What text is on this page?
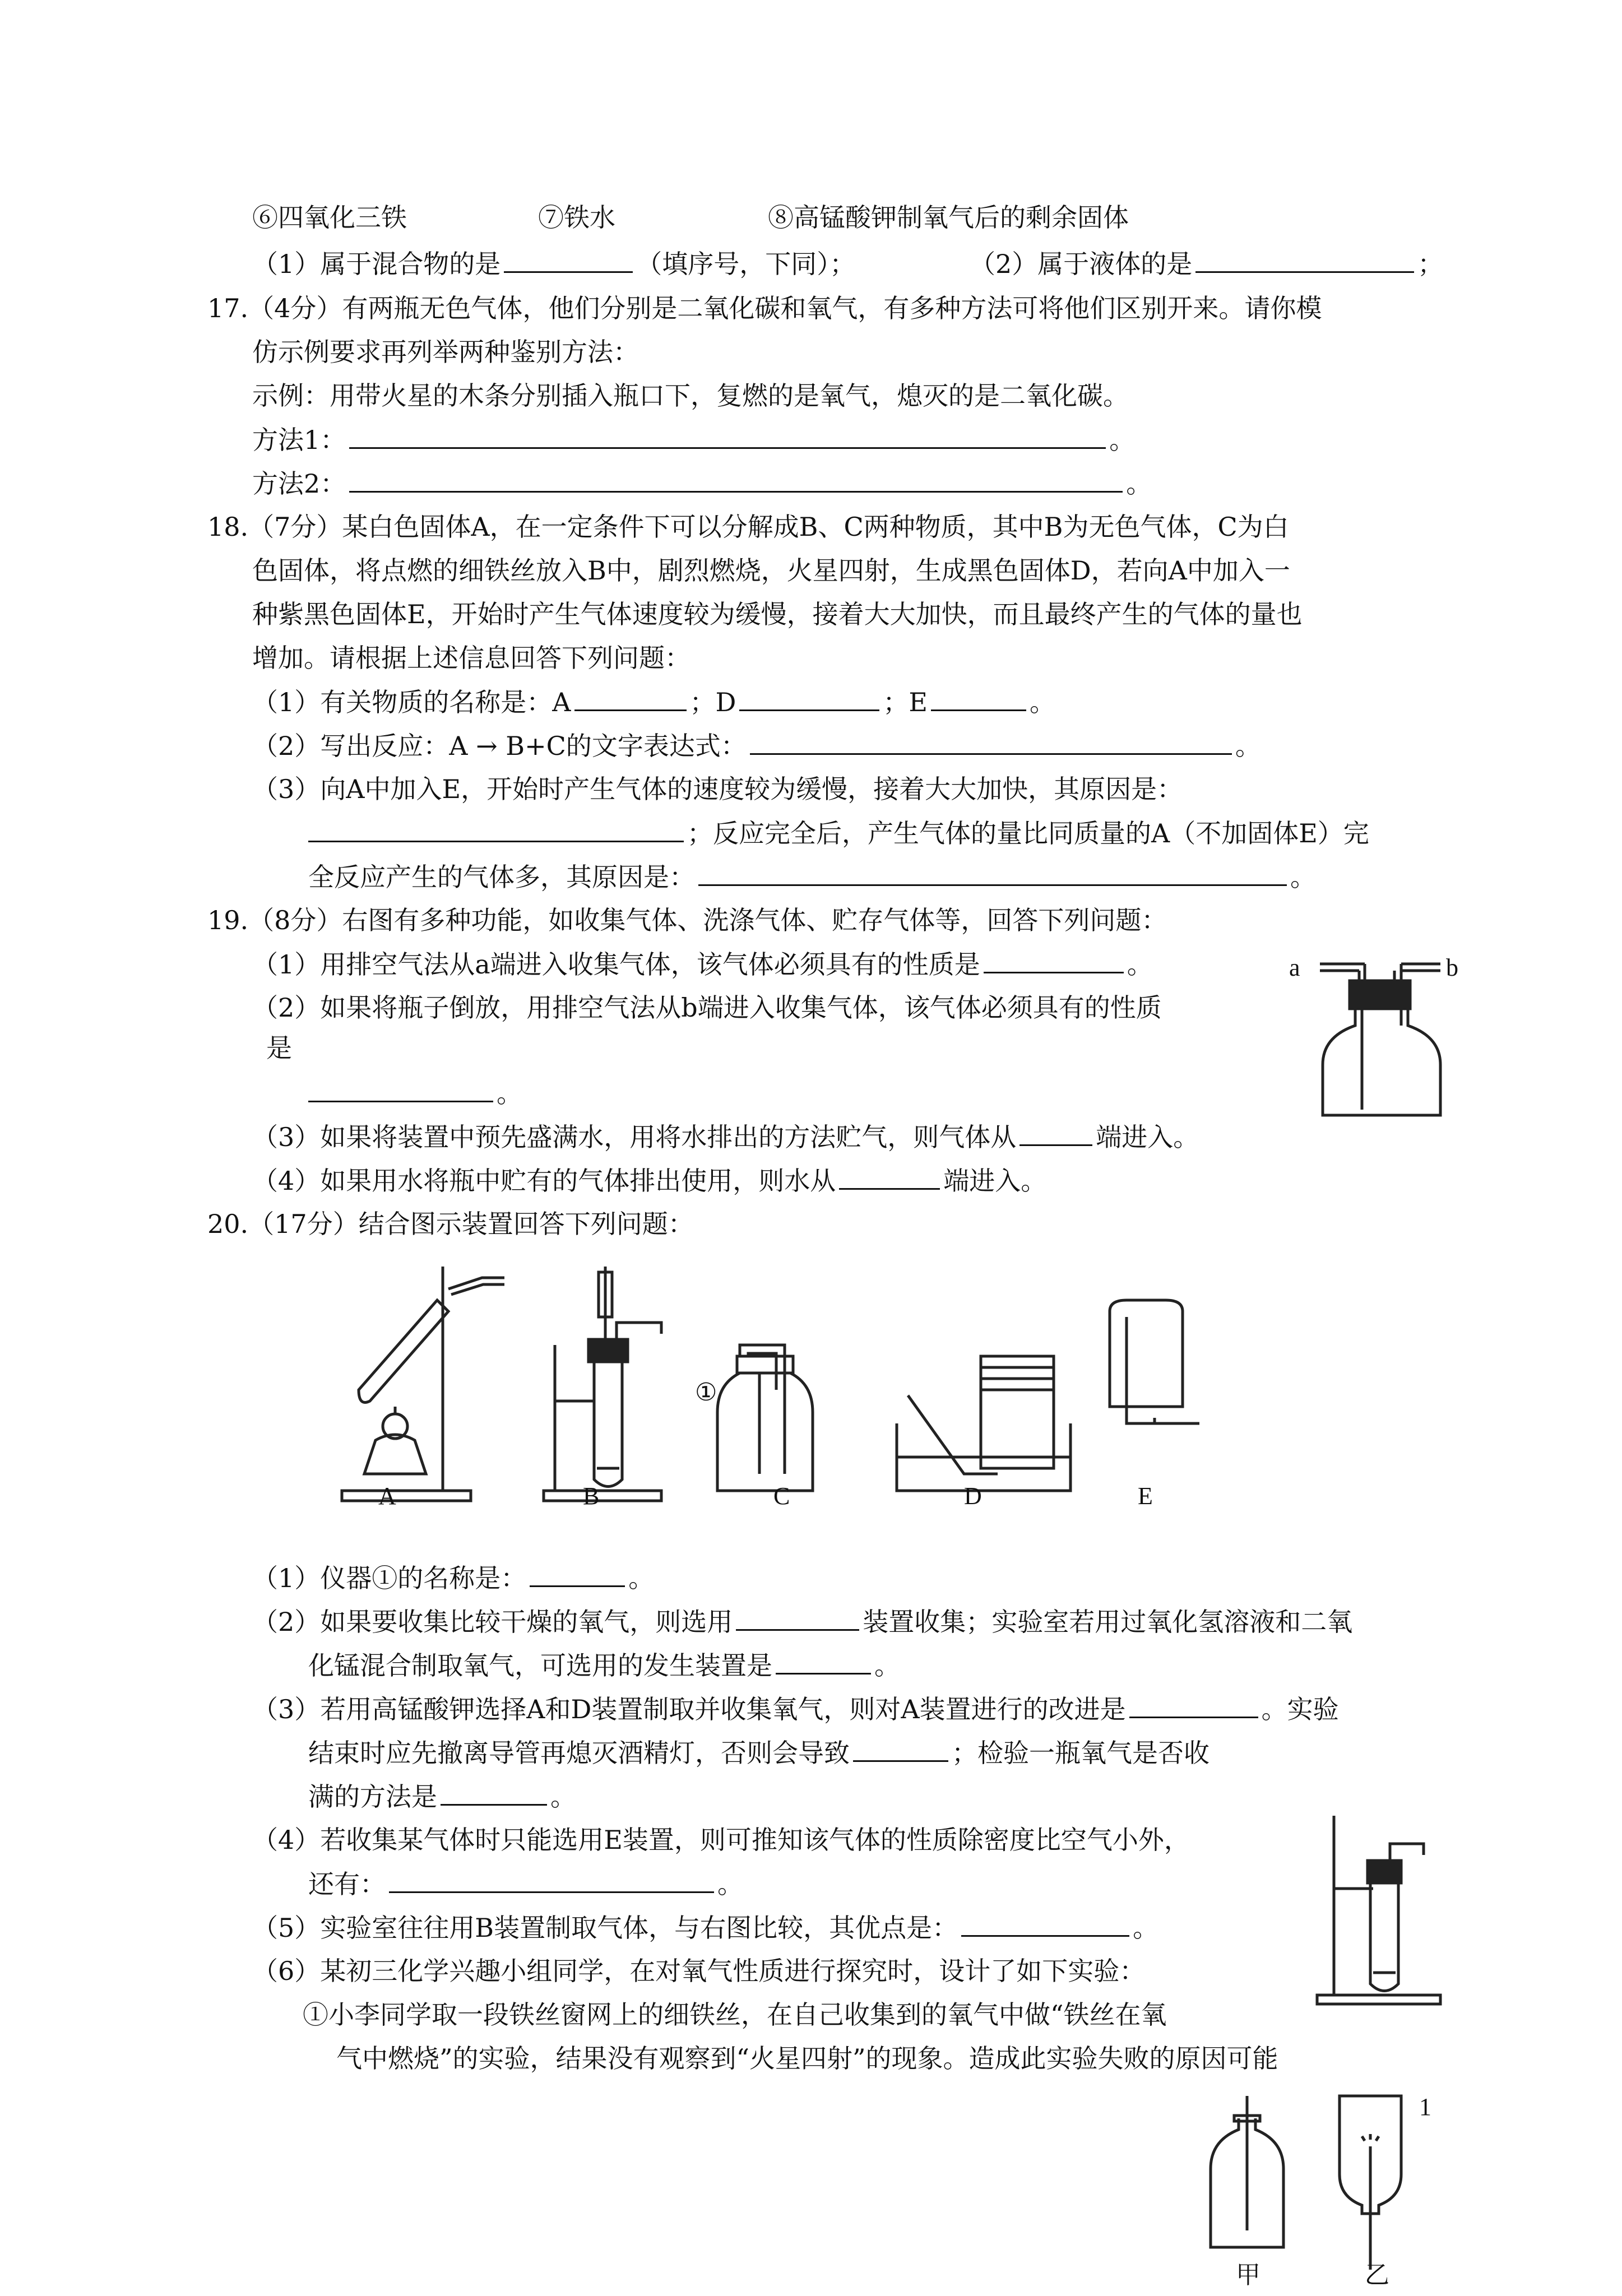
⑥四氧化三铁	⑦铁水	⑧高锰酸钾制氧气后的剩余固体
（1）属于混合物的是	（填序号，下同）；	（2）属于液体的是	；
17.（4分）有两瓶无色气体，他们分别是二氧化碳和氧气，有多种方法可将他们区别开来。请你模
仿示例要求再列举两种鉴别方法：
示例：用带火星的木条分别插入瓶口下，复燃的是氧气，熄灭的是二氧化碳。
方法1：	。
方法2：	。
18.（7分）某白色固体A，在一定条件下可以分解成B、C两种物质，其中B为无色气体，C为白
色固体，将点燃的细铁丝放入B中，剧烈燃烧，火星四射，生成黑色固体D，若向A中加入一
种紫黑色固体E，开始时产生气体速度较为缓慢，接着大大加快，而且最终产生的气体的量也
增加。请根据上述信息回答下列问题：
（1）有关物质的名称是：A	；D	；E	。
（2）写出反应：A → B+C的文字表达式：	。
（3）向A中加入E，开始时产生气体的速度较为缓慢，接着大大加快，其原因是：
；反应完全后，产生气体的量比同质量的A（不加固体E）完
全反应产生的气体多，其原因是：	。
19.（8分）右图有多种功能，如收集气体、洗涤气体、贮存气体等，回答下列问题：
（1）用排空气法从a端进入收集气体，该气体必须具有的性质是	。
（2）如果将瓶子倒放，用排空气法从b端进入收集气体，该气体必须具有的性质
是
。
（3）如果将装置中预先盛满水，用将水排出的方法贮气，则气体从	端进入。
（4）如果用水将瓶中贮有的气体排出使用，则水从	端进入。
a	b
20.（17分）结合图示装置回答下列问题：
①
A	B	C	D	E
（1）仪器①的名称是：	。
（2）如果要收集比较干燥的氧气，则选用	装置收集；实验室若用过氧化氢溶液和二氧
化锰混合制取氧气，可选用的发生装置是	。
（3）若用高锰酸钾选择A和D装置制取并收集氧气，则对A装置进行的改进是	。实验
结束时应先撤离导管再熄灭酒精灯，否则会导致	；检验一瓶氧气是否收
满的方法是	。
（4）若收集某气体时只能选用E装置，则可推知该气体的性质除密度比空气小外，
还有：	。
（5）实验室往往用B装置制取气体，与右图比较，其优点是：	。
（6）某初三化学兴趣小组同学，在对氧气性质进行探究时，设计了如下实验：
①小李同学取一段铁丝窗网上的细铁丝，在自己收集到的氧气中做“铁丝在氧
气中燃烧”的实验，结果没有观察到“火星四射”的现象。造成此实验失败的原因可能
甲	乙
1
